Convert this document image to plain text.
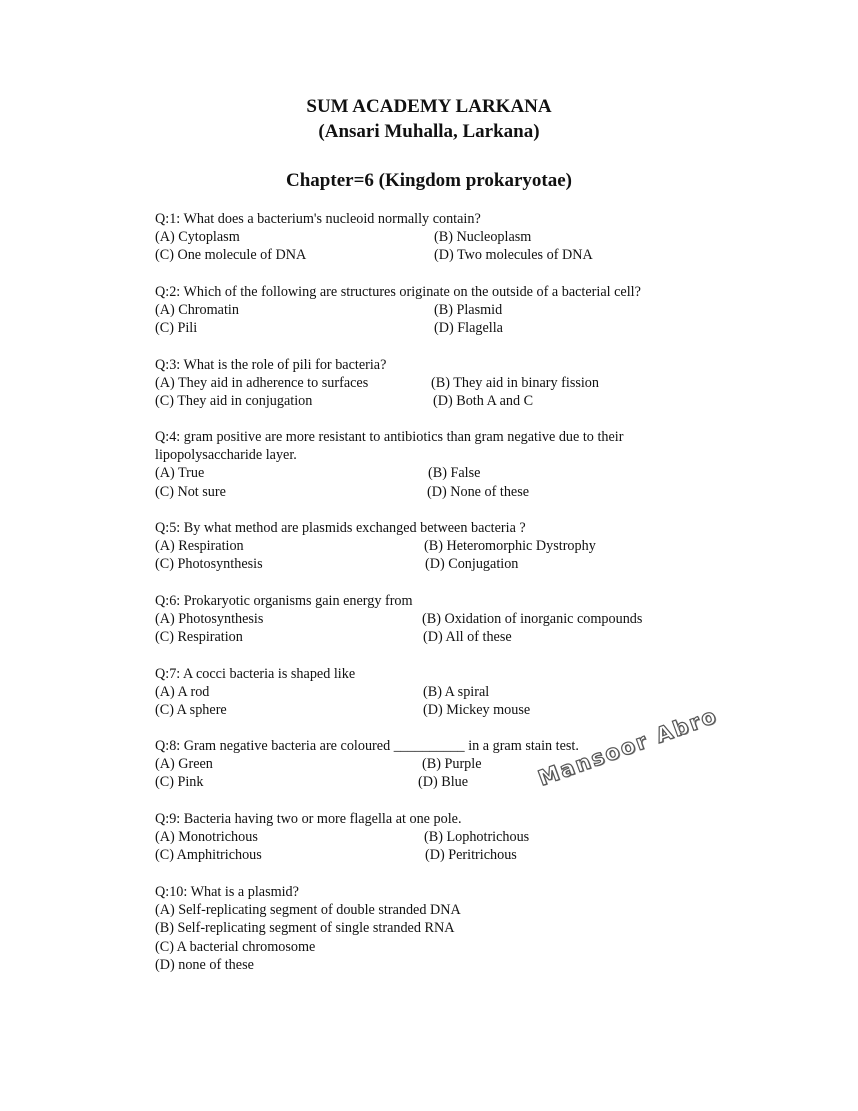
SUM ACADEMY LARKANA
(Ansari Muhalla, Larkana)
Chapter=6 (Kingdom prokaryotae)

Q:1: What does a bacterium's nucleoid normally contain?

(A) Cytoplasm	(B) Nucleoplasm
(C) One molecule of DNA	(D) Two molecules of DNA

Q:2: Which of the following are structures originate on the outside of a bacterial cell?

(A) Chromatin	(B) Plasmid
(C) Pili	(D) Flagella

Q:3: What is the role of pili for bacteria?

(A) They aid in adherence to surfaces	(B) They aid in binary fission
(C) They aid in conjugation	(D) Both A and C

Q:4: gram positive are more resistant to antibiotics than gram negative due to their

lipopolysaccharide layer.

(A) True	(B) False
(C) Not sure	(D) None of these

Q:5: By what method are plasmids exchanged between bacteria ?

(A) Respiration	(B) Heteromorphic Dystrophy
(C) Photosynthesis	(D) Conjugation

Q:6: Prokaryotic organisms gain energy from

(A) Photosynthesis	(B) Oxidation of inorganic compounds
(C) Respiration	(D) All of these

Q:7: A cocci bacteria is shaped like

(A) A rod	(B) A spiral
(C) A sphere	(D) Mickey mouse

Q:8: Gram negative bacteria are coloured __________ in a gram stain test.

(A) Green	(B) Purple
(C) Pink	(D) Blue

Q:9: Bacteria having two or more flagella at one pole.

(A) Monotrichous	(B) Lophotrichous
(C) Amphitrichous	(D) Peritrichous

Q:10: What is a plasmid?

(A) Self-replicating segment of double stranded DNA

(B) Self-replicating segment of single stranded RNA

(C) A bacterial chromosome

(D) none of these

Mansoor Abro
